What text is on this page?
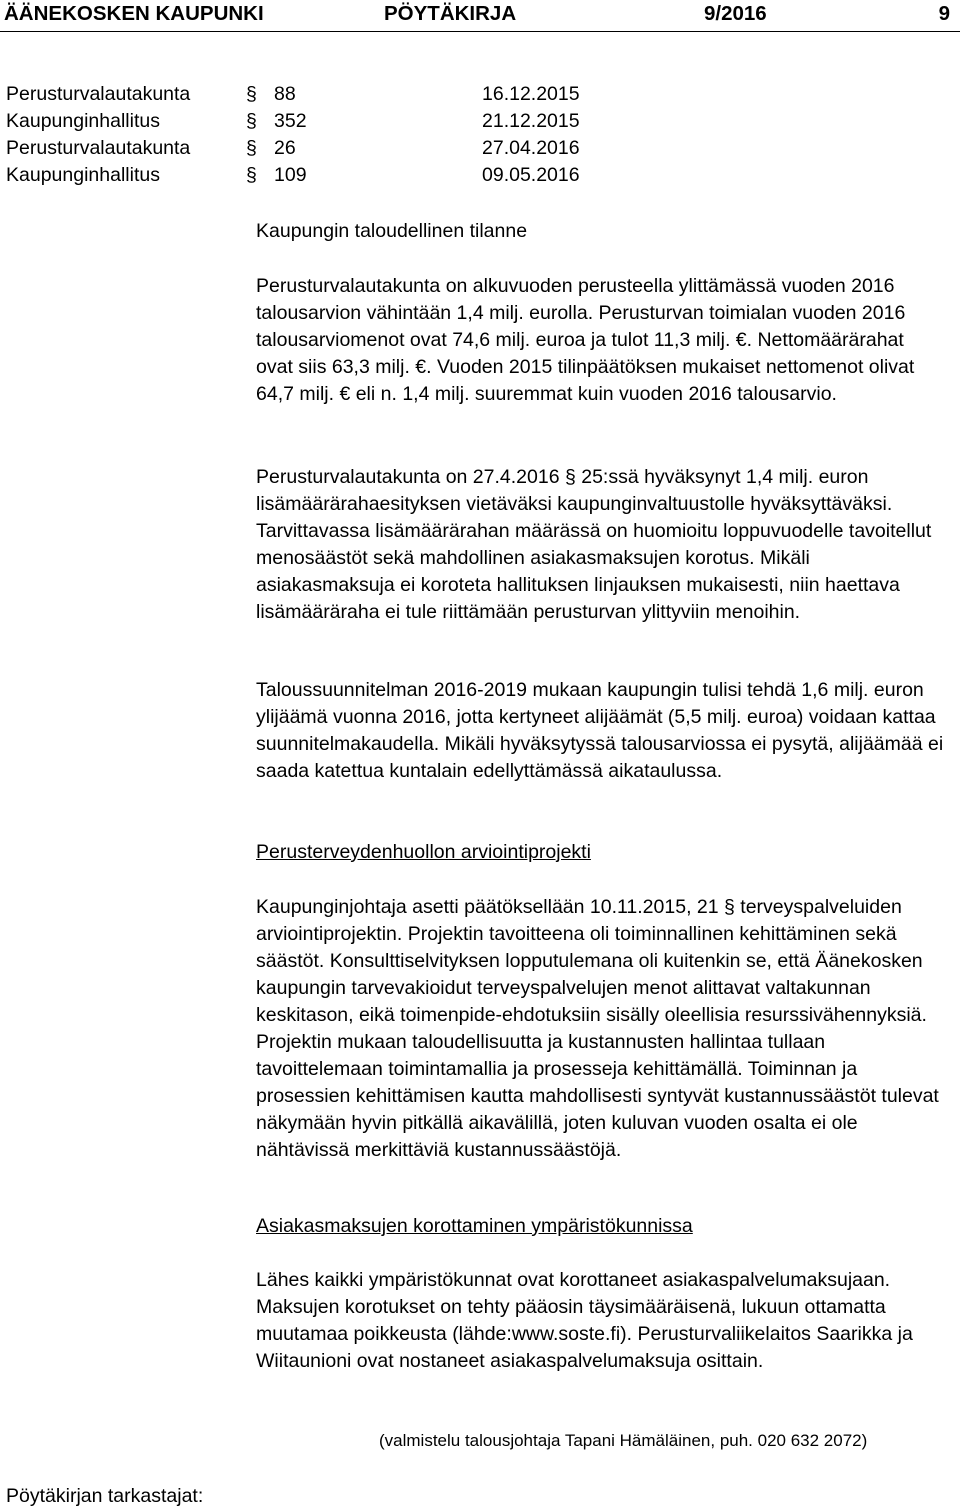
ÄÄNEKOSKEN KAUPUNKI	PÖYTÄKIRJA	9/2016	9
Perusturvalautakunta	§ 88	16.12.2015
Kaupunginhallitus	§ 352	21.12.2015
Perusturvalautakunta	§ 26	27.04.2016
Kaupunginhallitus	§ 109	09.05.2016

Kaupungin taloudellinen tilanne

Perusturvalautakunta on alkuvuoden perusteella ylittämässä vuoden 2016 talousarvion vähintään 1,4 milj. eurolla. Perusturvan toimialan vuoden 2016 talousarviomenot ovat 74,6 milj. euroa ja tulot 11,3 milj. €. Nettomäärärahat ovat siis 63,3 milj. €. Vuoden 2015 tilinpäätöksen mukaiset nettomenot olivat 64,7 milj. € eli n. 1,4 milj. suuremmat kuin vuoden 2016 talousarvio.

Perusturvalautakunta on 27.4.2016 § 25:ssä hyväksynyt 1,4 milj. euron lisämäärärahaesityksen vietäväksi kaupunginvaltuustolle hyväksyttäväksi. Tarvittavassa lisämäärärahan määrässä on huomioitu loppuvuodelle tavoitellut menosäästöt sekä mahdollinen asiakasmaksujen korotus. Mikäli asiakasmaksuja ei koroteta hallituksen linjauksen mukaisesti, niin haettava lisämääräraha ei tule riittämään perusturvan ylittyviin menoihin.

Taloussuunnitelman 2016-2019 mukaan kaupungin tulisi tehdä 1,6 milj. euron ylijäämä vuonna 2016, jotta kertyneet alijäämät (5,5 milj. euroa) voidaan kattaa suunnitelmakaudella. Mikäli hyväksytyssä talousarviossa ei pysytä, alijäämää ei saada katettua kuntalain edellyttämässä aikataulussa.

Perusterveydenhuollon arviointiprojekti

Kaupunginjohtaja asetti päätöksellään 10.11.2015, 21 § terveyspalveluiden arviointiprojektin. Projektin tavoitteena oli toiminnallinen kehittäminen sekä säästöt. Konsulttiselvityksen lopputulemana oli kuitenkin se, että Äänekosken kaupungin tarvevakioidut terveyspalvelujen menot alittavat valtakunnan keskitason, eikä toimenpide-ehdotuksiin sisälly oleellisia resurssivähennyksiä. Projektin mukaan taloudellisuutta ja kustannusten hallintaa tullaan tavoittelemaan toimintamallia ja prosesseja kehittämällä. Toiminnan ja prosessien kehittämisen kautta mahdollisesti syntyvät kustannussäästöt tulevat näkymään hyvin pitkällä aikavälillä, joten kuluvan vuoden osalta ei ole nähtävissä merkittäviä kustannussäästöjä.

Asiakasmaksujen korottaminen ympäristökunnissa

Lähes kaikki ympäristökunnat ovat korottaneet asiakaspalvelumaksujaan. Maksujen korotukset on tehty pääosin täysimääräisenä, lukuun ottamatta muutamaa poikkeusta (lähde:www.soste.fi). Perusturvaliikelaitos Saarikka ja Wiitaunioni ovat nostaneet asiakaspalvelumaksuja osittain.

(valmistelu talousjohtaja Tapani Hämäläinen, puh. 020 632 2072)
Pöytäkirjan tarkastajat:
